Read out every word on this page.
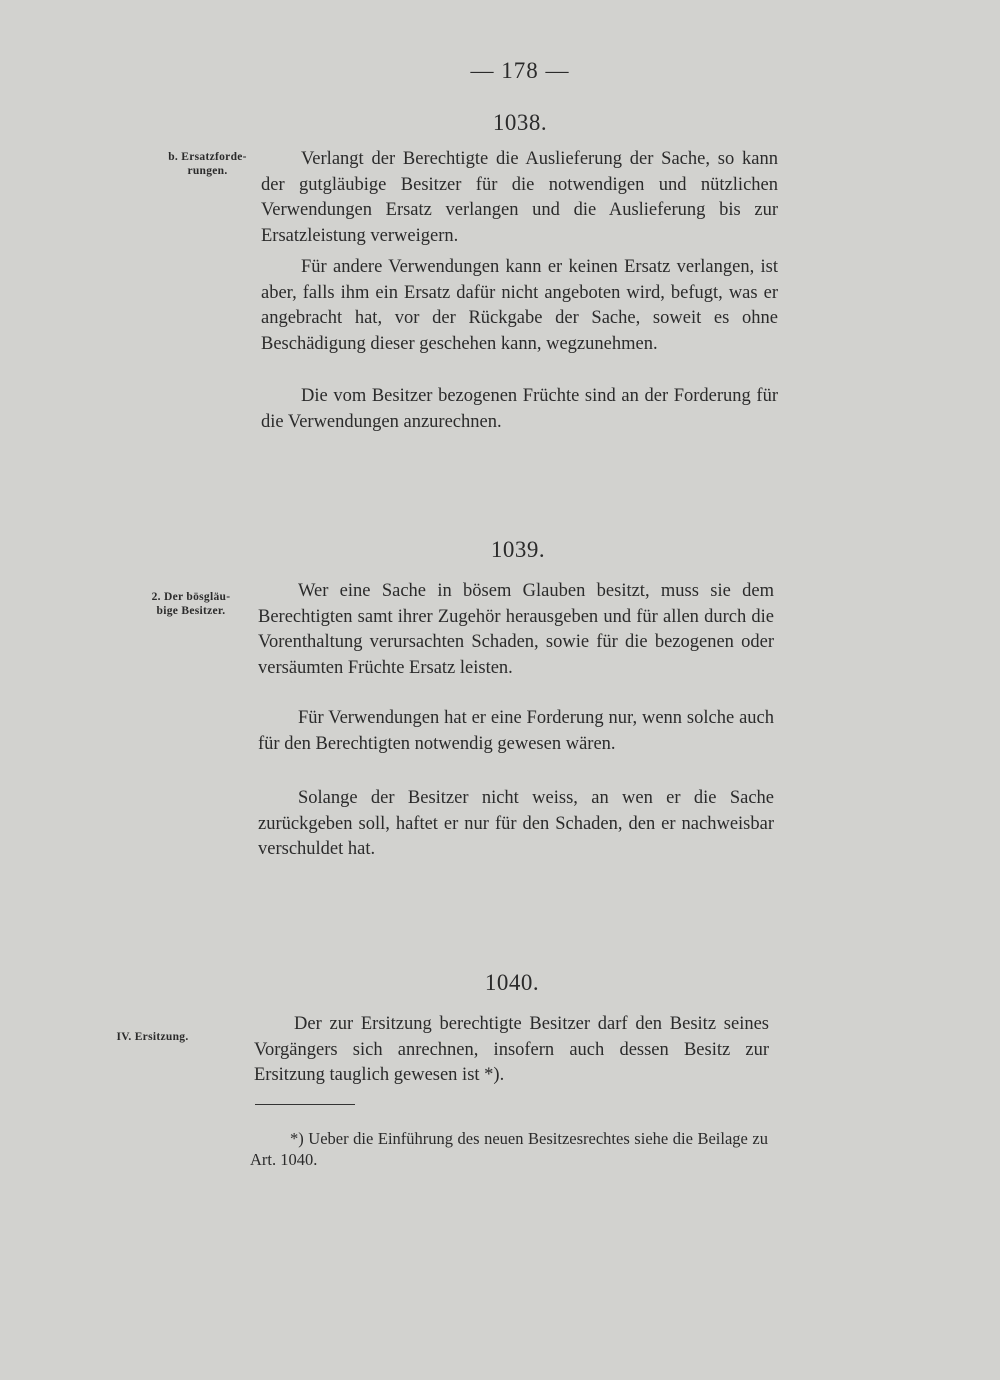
— 178 —
1038.
b. Ersatzforde-
rungen.

Verlangt der Berechtigte die Auslieferung der Sache, so kann der gutgläubige Besitzer für die notwendigen und nützlichen Verwendungen Ersatz verlangen und die Auslieferung bis zur Ersatzleistung verweigern.

Für andere Verwendungen kann er keinen Ersatz verlangen, ist aber, falls ihm ein Ersatz dafür nicht angeboten wird, befugt, was er angebracht hat, vor der Rückgabe der Sache, soweit es ohne Beschädigung dieser geschehen kann, wegzunehmen.

Die vom Besitzer bezogenen Früchte sind an der Forderung für die Verwendungen anzurechnen.

1039.
2. Der bösgläu-
bige Besitzer.

Wer eine Sache in bösem Glauben besitzt, muss sie dem Berechtigten samt ihrer Zugehör herausgeben und für allen durch die Vorenthaltung verursachten Schaden, sowie für die bezogenen oder versäumten Früchte Ersatz leisten.

Für Verwendungen hat er eine Forderung nur, wenn solche auch für den Berechtigten notwendig gewesen wären.

Solange der Besitzer nicht weiss, an wen er die Sache zurückgeben soll, haftet er nur für den Schaden, den er nachweisbar verschuldet hat.

1040.
IV. Ersitzung.

Der zur Ersitzung berechtigte Besitzer darf den Besitz seines Vorgängers sich anrechnen, insofern auch dessen Besitz zur Ersitzung tauglich gewesen ist *).

*) Ueber die Einführung des neuen Besitzesrechtes siehe die Beilage zu Art. 1040.
